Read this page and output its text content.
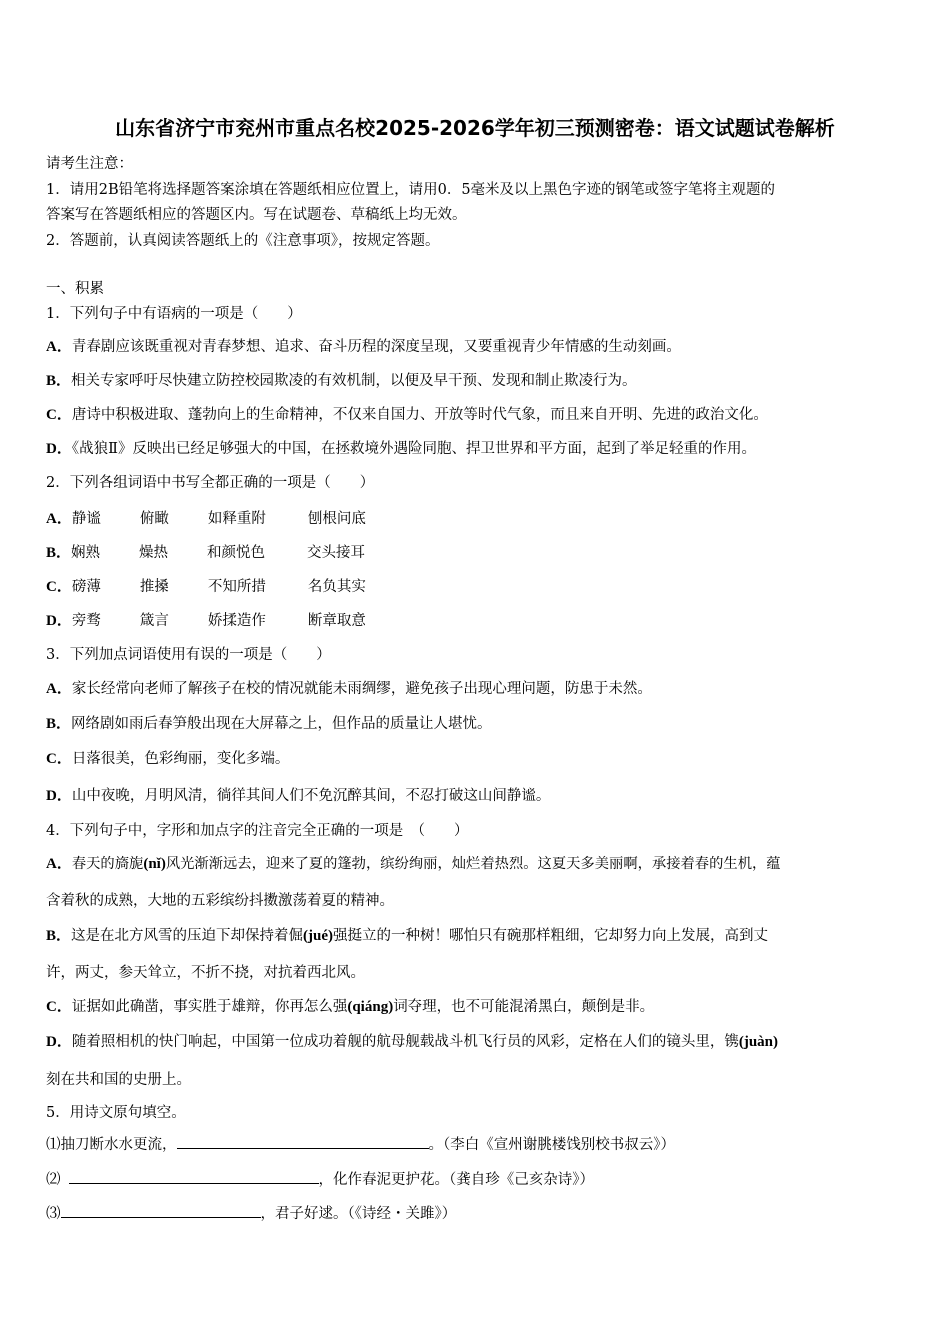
山东省济宁市兖州市重点名校2025-2026学年初三预测密卷：语文试题试卷解析
请考生注意：
1．请用2B铅笔将选择题答案涂填在答题纸相应位置上，请用0．5毫米及以上黑色字迹的钢笔或签字笔将主观题的
答案写在答题纸相应的答题区内。写在试题卷、草稿纸上均无效。
2．答题前，认真阅读答题纸上的《注意事项》，按规定答题。
一、积累
1．下列句子中有语病的一项是（　　）
A．青春剧应该既重视对青春梦想、追求、奋斗历程的深度呈现，又要重视青少年情感的生动刻画。
B．相关专家呼吁尽快建立防控校园欺凌的有效机制，以便及早干预、发现和制止欺凌行为。
C．唐诗中积极进取、蓬勃向上的生命精神，不仅来自国力、开放等时代气象，而且来自开明、先进的政治文化。
D．《战狼Ⅱ》反映出已经足够强大的中国，在拯救境外遇险同胞、捍卫世界和平方面，起到了举足轻重的作用。
2．下列各组词语中书写全都正确的一项是（　　）
A．静谧	俯瞰	如释重附	刨根问底
B．娴熟	燥热	和颜悦色	交头接耳
C．磅薄	推搡	不知所措	名负其实
D．旁骛	箴言	娇揉造作	断章取意
3．下列加点词语使用有误的一项是（　　）
A．家长经常向老师了解孩子在校的情况就能未雨绸缪，避免孩子出现心理问题，防患于未然。
B．网络剧如雨后春笋般出现在大屏幕之上，但作品的质量让人堪忧。
C．日落很美，色彩绚丽，变化多端。
D．山中夜晚，月明风清，徜徉其间人们不免沉醉其间，不忍打破这山间静谧。
4．下列句子中，字形和加点字的注音完全正确的一项是　（　　）
A．春天的旖旎(nǐ)风光渐渐远去，迎来了夏的篷勃，缤纷绚丽，灿烂着热烈。这夏天多美丽啊，承接着春的生机，蕴
含着秋的成熟，大地的五彩缤纷抖擞激荡着夏的精神。
B．这是在北方风雪的压迫下却保持着倔(jué)强挺立的一种树！哪怕只有碗那样粗细，它却努力向上发展，高到丈
许，两丈，参天耸立，不折不挠，对抗着西北风。
C．证据如此确凿，事实胜于雄辩，你再怎么强(qiáng)词夺理，也不可能混淆黑白，颠倒是非。
D．随着照相机的快门响起，中国第一位成功着舰的航母舰载战斗机飞行员的风彩，定格在人们的镜头里，镌(juàn)
刻在共和国的史册上。
5．用诗文原句填空。
⑴抽刀断水水更流，	。（李白《宣州谢朓楼饯别校书叔云》）
⑵	，化作春泥更护花。（龚自珍《己亥杂诗》）
⑶	，君子好逑。（《诗经・关雎》）
